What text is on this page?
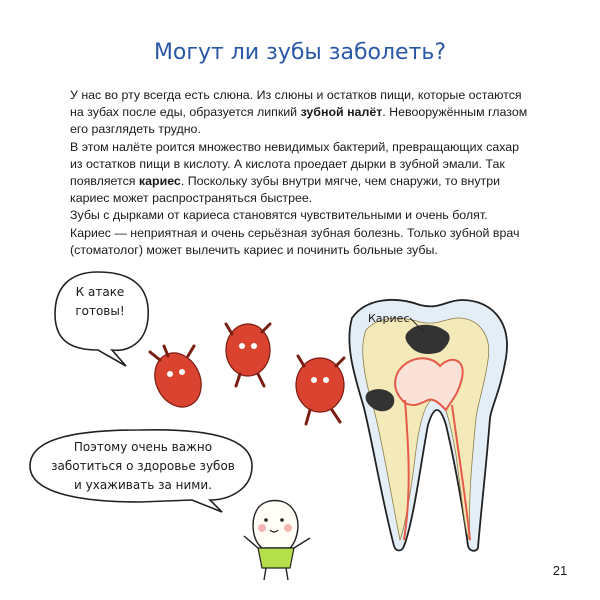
Могут ли зубы заболеть?

У нас во рту всегда есть слюна. Из слюны и остатков пищи, которые остаются на зубах после еды, образуется липкий зубной налёт. Невооружённым глазом его разглядеть трудно.

В этом налёте роится множество невидимых бактерий, превращающих сахар из остатков пищи в кислоту. А кислота проедает дырки в зубной эмали. Так появляется кариес. Поскольку зубы внутри мягче, чем снаружи, то внутри кариес может распространяться быстрее.

Зубы с дырками от кариеса становятся чувствительными и очень болят. Кариес — неприятная и очень серьёзная зубная болезнь. Только зубной врач (стоматолог) может вылечить кариес и починить больные зубы.

Кариес
К атаке
готовы!
Поэтому очень важно
заботиться о здоровье зубов
и ухаживать за ними.
21
